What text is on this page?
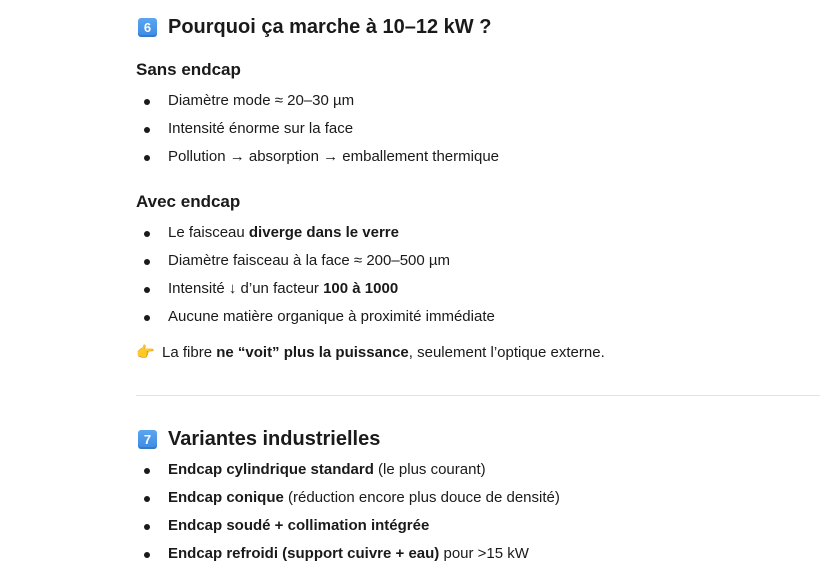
6 Pourquoi ça marche à 10–12 kW ?
Sans endcap
Diamètre mode ≈ 20–30 µm
Intensité énorme sur la face
Pollution → absorption → emballement thermique
Avec endcap
Le faisceau diverge dans le verre
Diamètre faisceau à la face ≈ 200–500 µm
Intensité ↓ d’un facteur 100 à 1000
Aucune matière organique à proximité immédiate
👉 La fibre
ne “voit” plus la puissance , seulement l’optique externe.
7 Variantes industrielles
Endcap cylindrique standard (le plus courant)
Endcap conique (réduction encore plus douce de densité)
Endcap soudé + collimation intégrée
Endcap refroidi (support cuivre + eau) pour >15 kW
